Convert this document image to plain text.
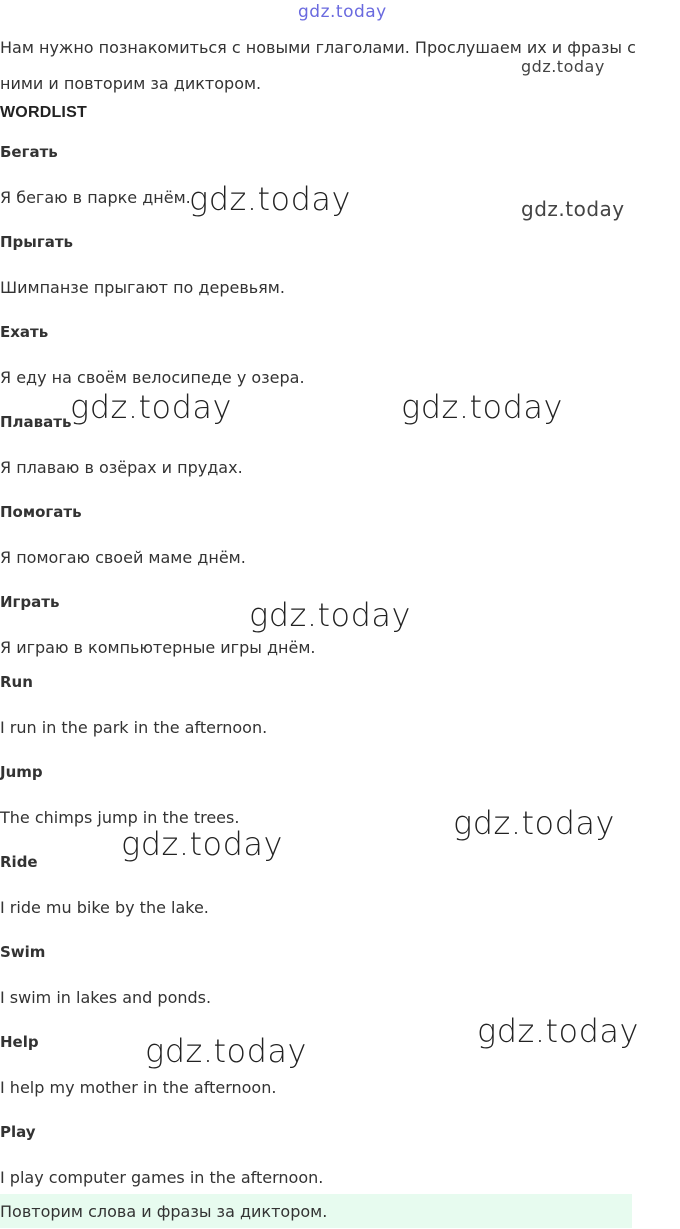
gdz.today
gdz.today
gdz.today	gdz.today
gdz.today	gdz.today
gdz.today
gdz.today
gdz.today
gdz.today
gdz.today
Нам нужно познакомиться с новыми глаголами. Прослушаем их и фразы с ними и повторим за диктором.
WORDLIST
Бегать
Я бегаю в парке днём.
Прыгать
Шимпанзе прыгают по деревьям.
Ехать
Я еду на своём велосипеде у озера.
Плавать
Я плаваю в озёрах и прудах.
Помогать
Я помогаю своей маме днём.
Играть
Я играю в компьютерные игры днём.
Run
I run in the park in the afternoon.
Jump
The chimps jump in the trees.
Ride
I ride mu bike by the lake.
Swim
I swim in lakes and ponds.
Help
I help my mother in the afternoon.
Play
I play computer games in the afternoon.
Повторим слова и фразы за диктором.
